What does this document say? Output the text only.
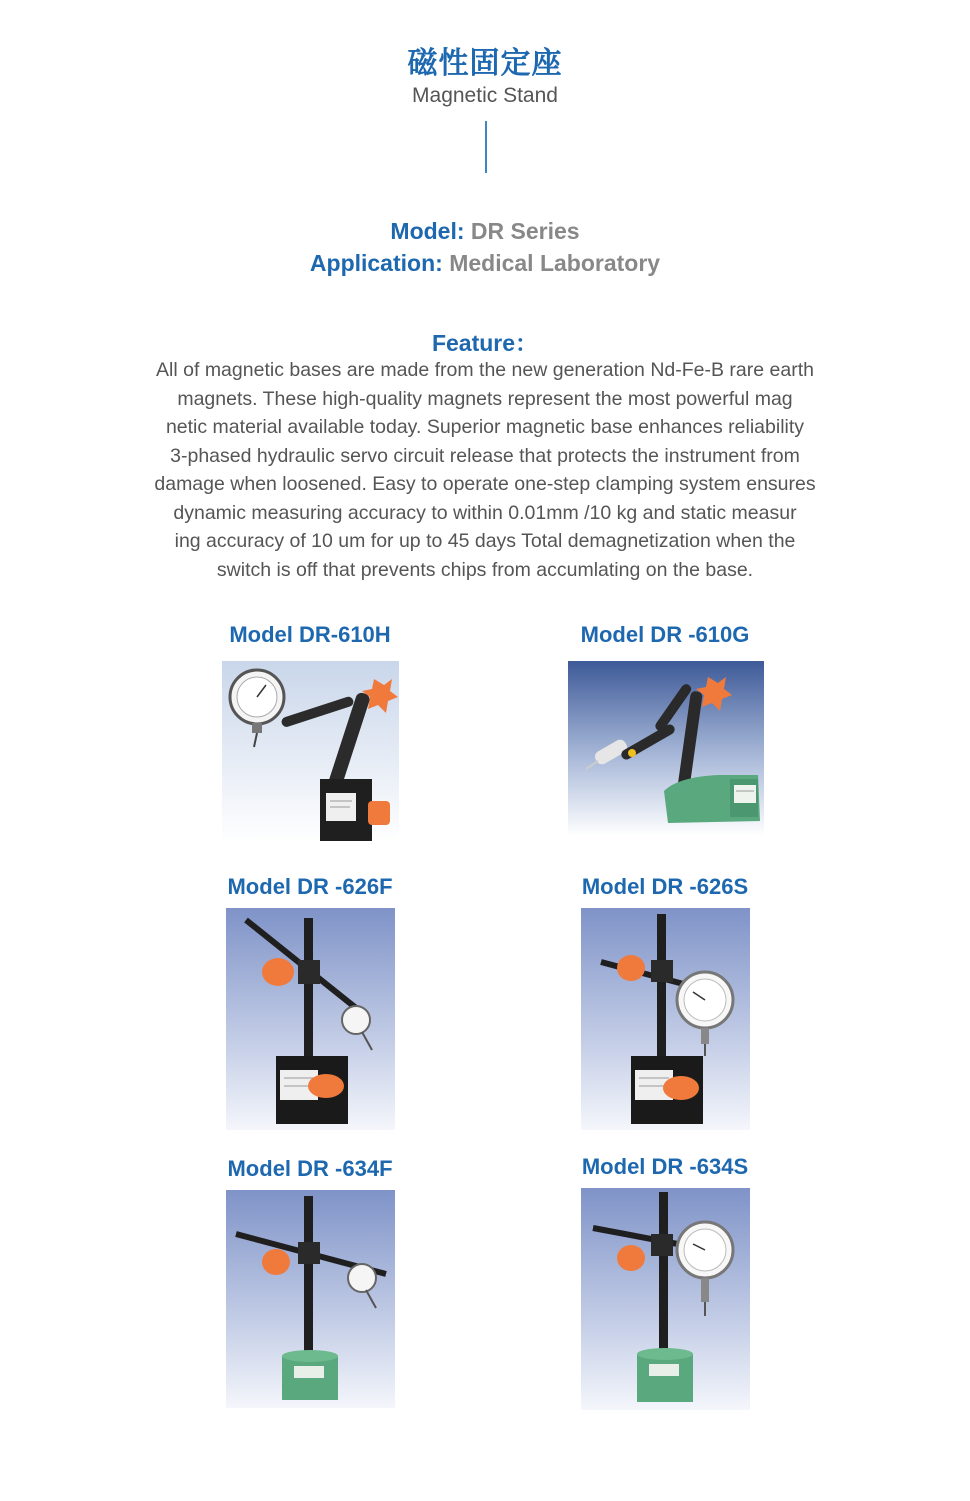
磁性固定座
Magnetic Stand
Model: DR Series
Application: Medical Laboratory
Feature：
All of magnetic bases are made from the new generation Nd-Fe-B rare earth
magnets. These high-quality magnets represent the most powerful mag
netic material available today. Superior magnetic base enhances reliability
3-phased hydraulic servo circuit release that protects the instrument from
damage when loosened. Easy to operate one-step clamping system ensures
dynamic measuring accuracy to within 0.01mm /10 kg and static measur
ing accuracy of 10 um for up to 45 days Total demagnetization when the
switch is off that prevents chips from accumlating on the base.
Model DR-610H	Model DR -610G
Model DR -626F	Model DR -626S
Model DR -634F	Model DR -634S
